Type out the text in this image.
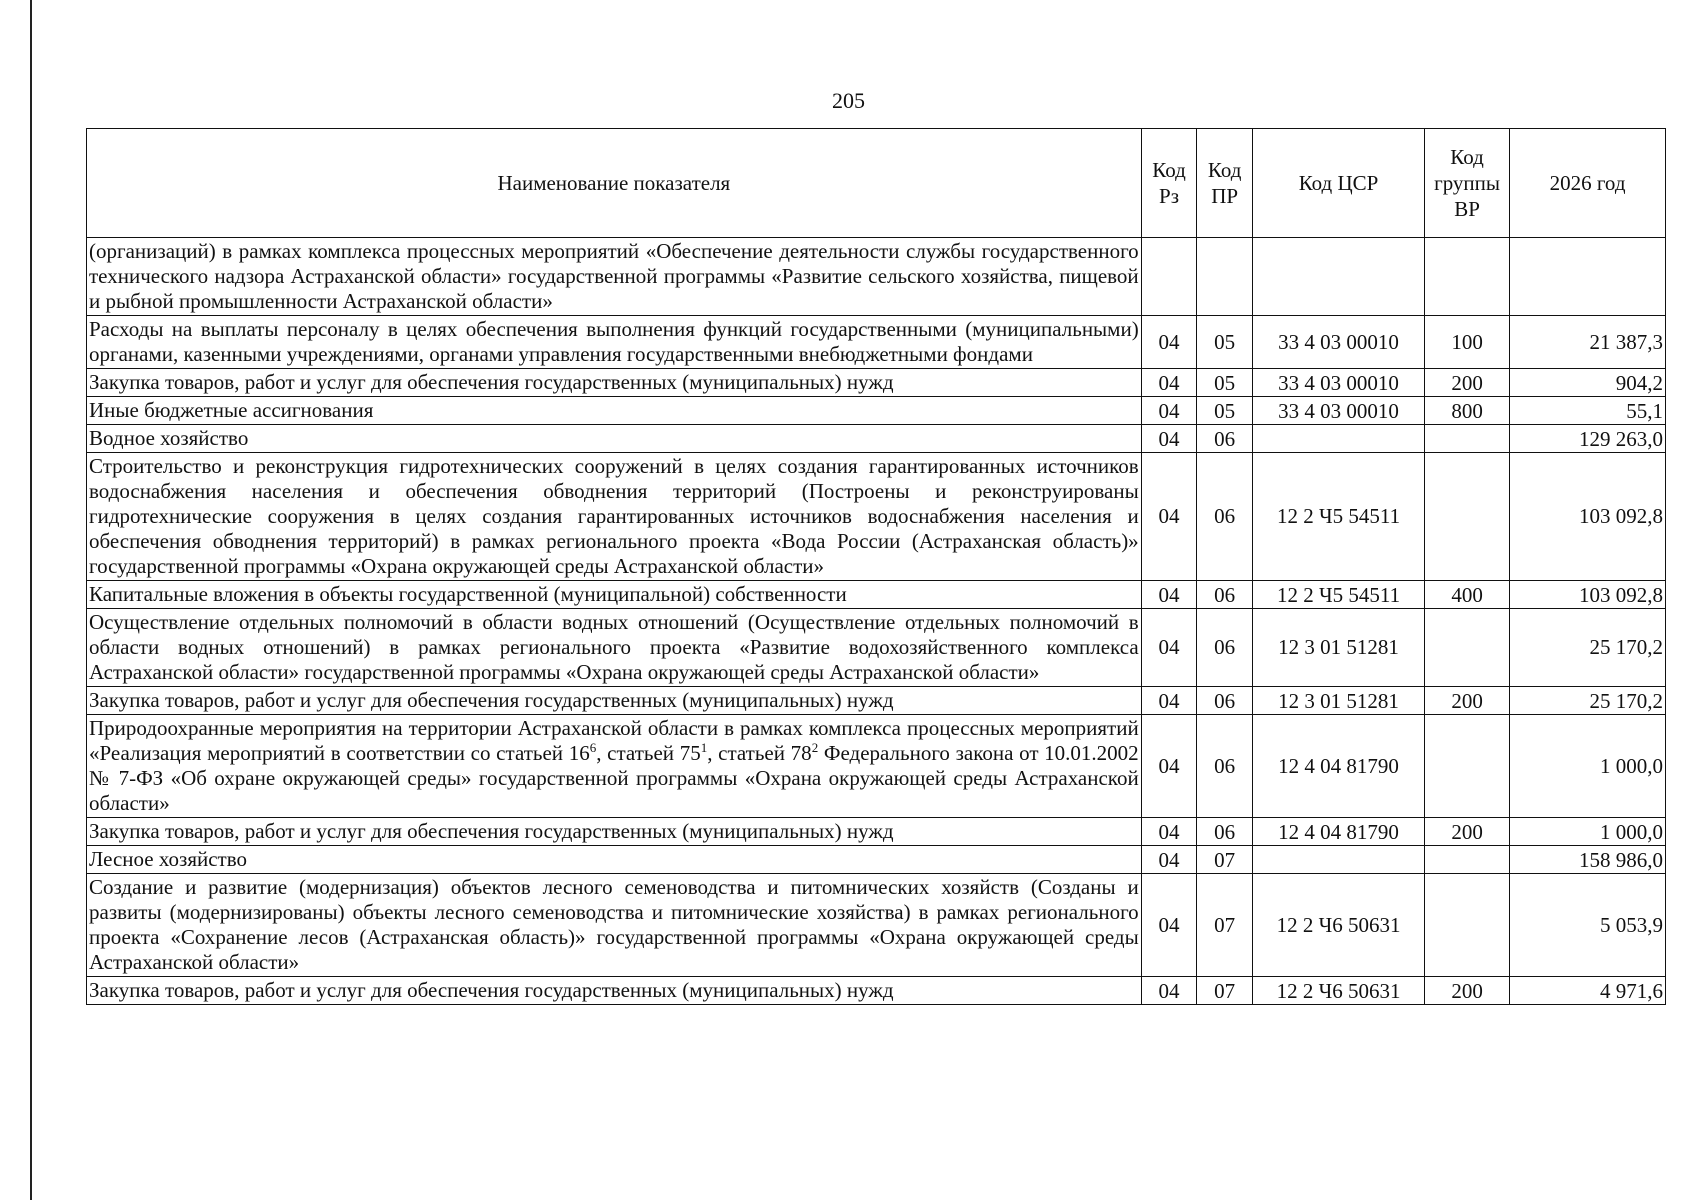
205
Наименование показателя	Код Рз	Код ПР	Код ЦСР	Код группы ВР	2026 год
(организаций) в рамках комплекса процессных мероприятий «Обеспечение деятельности службы государственного технического надзора Астраханской области» государственной программы «Развитие сельского хозяйства, пищевой и рыбной промышленности Астраханской области»					
Расходы на выплаты персоналу в целях обеспечения выполнения функций государственными (муниципальными) органами, казенными учреждениями, органами управления государственными внебюджетными фондами	04	05	33 4 03 00010	100	21 387,3
Закупка товаров, работ и услуг для обеспечения государственных (муниципальных) нужд	04	05	33 4 03 00010	200	904,2
Иные бюджетные ассигнования	04	05	33 4 03 00010	800	55,1
Водное хозяйство	04	06			129 263,0
Строительство и реконструкция гидротехнических сооружений в целях создания гарантированных источников водоснабжения населения и обеспечения обводнения территорий (Построены и реконструированы гидротехнические сооружения в целях создания гарантированных источников водоснабжения населения и обеспечения обводнения территорий) в рамках регионального проекта «Вода России (Астраханская область)» государственной программы «Охрана окружающей среды Астраханской области»	04	06	12 2 Ч5 54511		103 092,8
Капитальные вложения в объекты государственной (муниципальной) собственности	04	06	12 2 Ч5 54511	400	103 092,8
Осуществление отдельных полномочий в области водных отношений (Осуществление отдельных полномочий в области водных отношений) в рамках регионального проекта «Развитие водохозяйственного комплекса Астраханской области» государственной программы «Охрана окружающей среды Астраханской области»	04	06	12 3 01 51281		25 170,2
Закупка товаров, работ и услуг для обеспечения государственных (муниципальных) нужд	04	06	12 3 01 51281	200	25 170,2
Природоохранные мероприятия на территории Астраханской области в рамках комплекса процессных мероприятий «Реализация мероприятий в соответствии со статьей $16^6$, статьей $75^1$, статьей $78^2$ Федерального закона от 10.01.2002 № 7-ФЗ «Об охране окружающей среды» государственной программы «Охрана окружающей среды Астраханской области»	04	06	12 4 04 81790		1 000,0
Закупка товаров, работ и услуг для обеспечения государственных (муниципальных) нужд	04	06	12 4 04 81790	200	1 000,0
Лесное хозяйство	04	07			158 986,0
Создание и развитие (модернизация) объектов лесного семеноводства и питомнических хозяйств (Созданы и развиты (модернизированы) объекты лесного семеноводства и питомнические хозяйства) в рамках регионального проекта «Сохранение лесов (Астраханская область)» государственной программы «Охрана окружающей среды Астраханской области»	04	07	12 2 Ч6 50631		5 053,9
Закупка товаров, работ и услуг для обеспечения государственных (муниципальных) нужд	04	07	12 2 Ч6 50631	200	4 971,6
